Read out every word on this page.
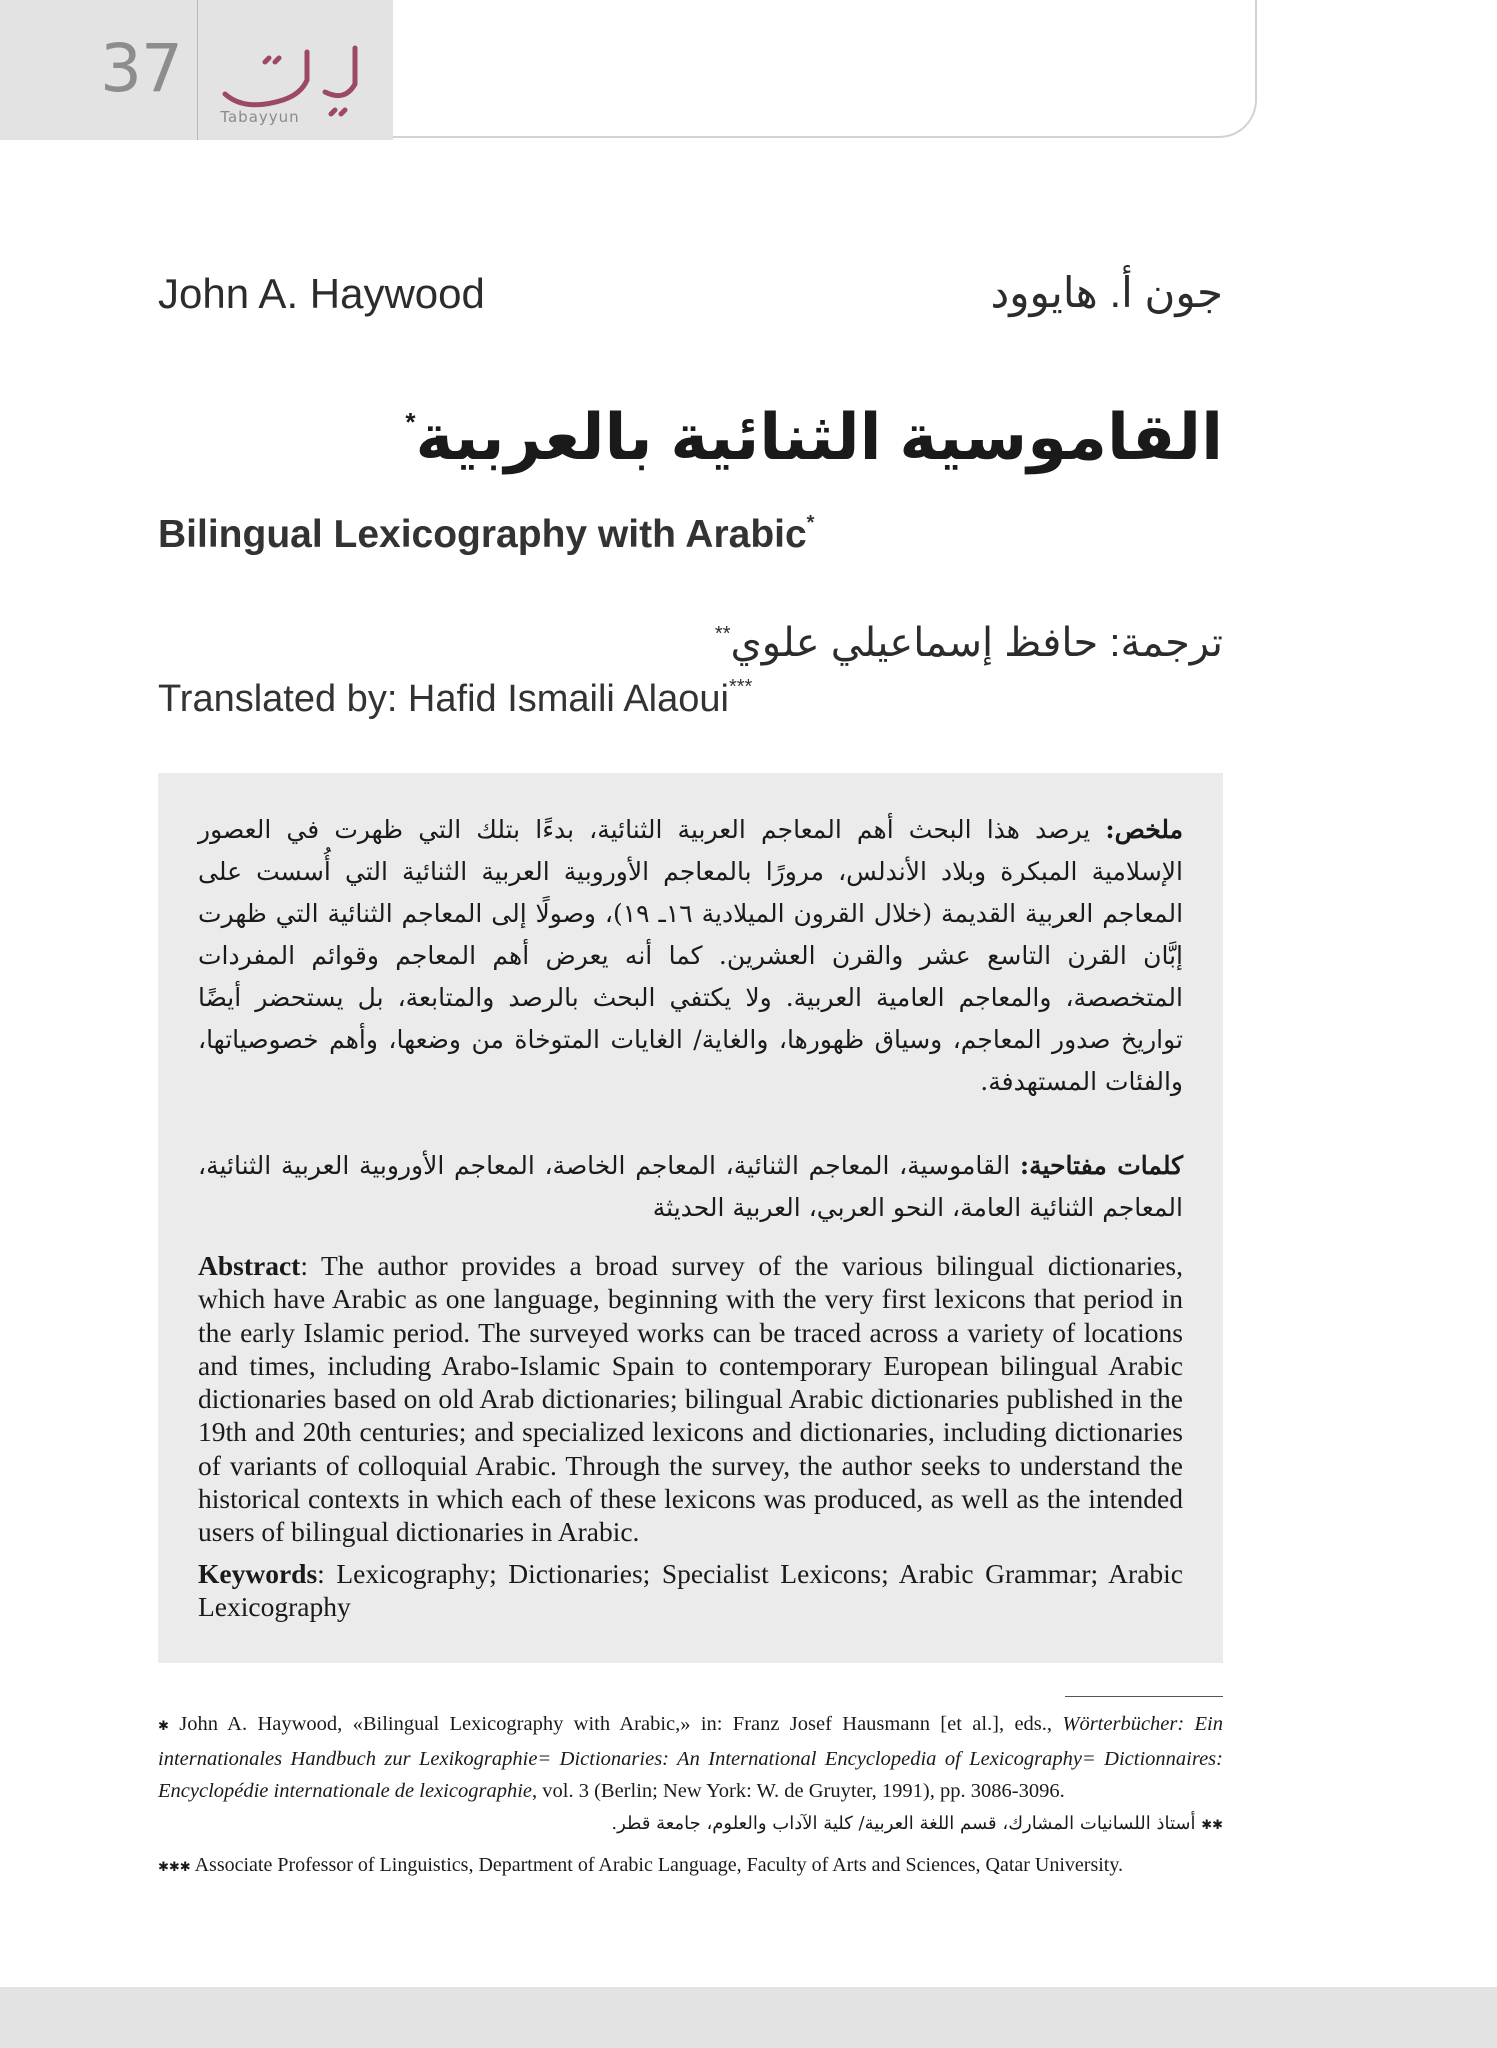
37
Tabayyun
John A. Haywood	جون أ. هايوود
القاموسية الثنائية بالعربية*
Bilingual Lexicography with Arabic*
ترجمة: حافظ إسماعيلي علوي**
Translated by: Hafid Ismaili Alaoui***
ملخص: يرصد هذا البحث أهم المعاجم العربية الثنائية، بدءًا بتلك التي ظهرت في العصور الإسلامية المبكرة وبلاد الأندلس، مرورًا بالمعاجم الأوروبية العربية الثنائية التي أُسست على المعاجم العربية القديمة (خلال القرون الميلادية ١٦ـ ١٩)، وصولًا إلى المعاجم الثنائية التي ظهرت إبَّان القرن التاسع عشر والقرن العشرين. كما أنه يعرض أهم المعاجم وقوائم المفردات المتخصصة، والمعاجم العامية العربية. ولا يكتفي البحث بالرصد والمتابعة، بل يستحضر أيضًا تواريخ صدور المعاجم، وسياق ظهورها، والغاية/ الغايات المتوخاة من وضعها، وأهم خصوصياتها، والفئات المستهدفة.
كلمات مفتاحية: القاموسية، المعاجم الثنائية، المعاجم الخاصة، المعاجم الأوروبية العربية الثنائية، المعاجم الثنائية العامة، النحو العربي، العربية الحديثة
Abstract: The author provides a broad survey of the various bilingual dictionaries, which have Arabic as one language, beginning with the very first lexicons that period in the early Islamic period. The surveyed works can be traced across a variety of locations and times, including Arabo-Islamic Spain to contemporary European bilingual Arabic dictionaries based on old Arab dictionaries; bilingual Arabic dictionaries published in the 19th and 20th centuries; and specialized lexicons and dictionaries, including dictionaries of variants of colloquial Arabic. Through the survey, the author seeks to understand the historical contexts in which each of these lexicons was produced, as well as the intended users of bilingual dictionaries in Arabic.
Keywords: Lexicography; Dictionaries; Specialist Lexicons; Arabic Grammar; Arabic Lexicography
✱ John A. Haywood, «Bilingual Lexicography with Arabic,» in: Franz Josef Hausmann [et al.], eds., Wörterbücher: Ein internationales Handbuch zur Lexikographie= Dictionaries: An International Encyclopedia of Lexicography= Dictionnaires: Encyclopédie internationale de lexicographie, vol. 3 (Berlin; New York: W. de Gruyter, 1991), pp. 3086-3096.
✱✱ أستاذ اللسانيات المشارك، قسم اللغة العربية/ كلية الآداب والعلوم، جامعة قطر.
✱✱✱ Associate Professor of Linguistics, Department of Arabic Language, Faculty of Arts and Sciences, Qatar University.
